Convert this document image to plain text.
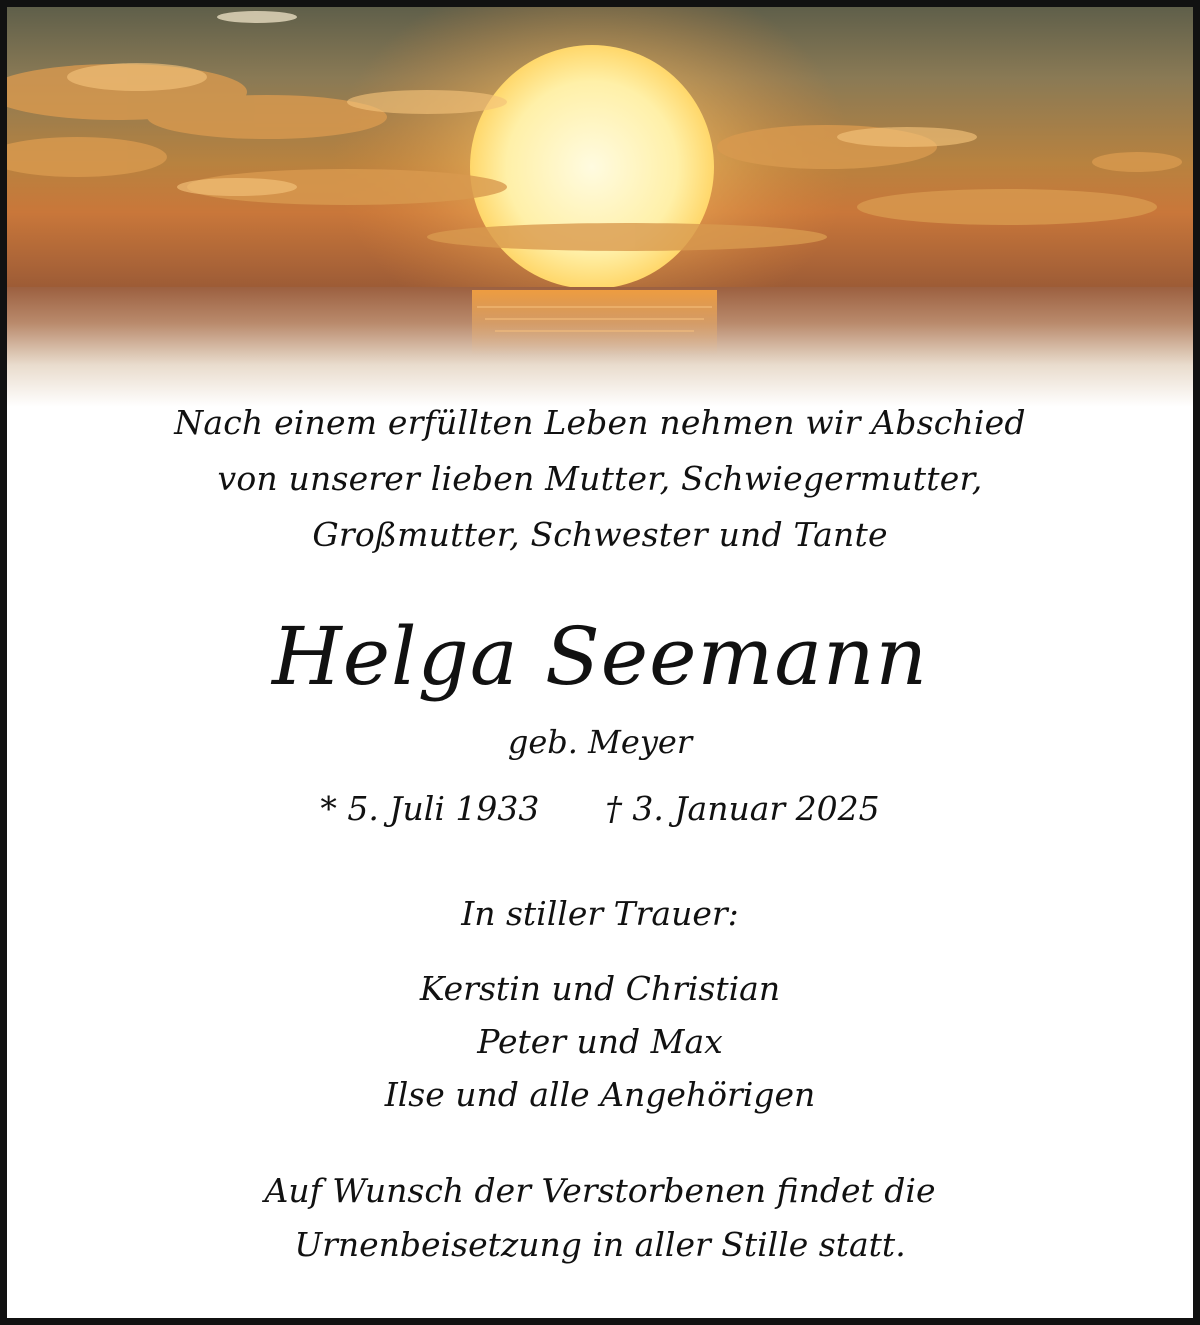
Nach einem erfüllten Leben nehmen wir Abschied
von unserer lieben Mutter, Schwiegermutter,
Großmutter, Schwester und Tante
Helga Seemann
geb. Meyer
* 5. Juli 1933 † 3. Januar 2025
In stiller Trauer:
Kerstin und Christian
Peter und Max
Ilse und alle Angehörigen
Auf Wunsch der Verstorbenen findet die
Urnenbeisetzung in aller Stille statt.
